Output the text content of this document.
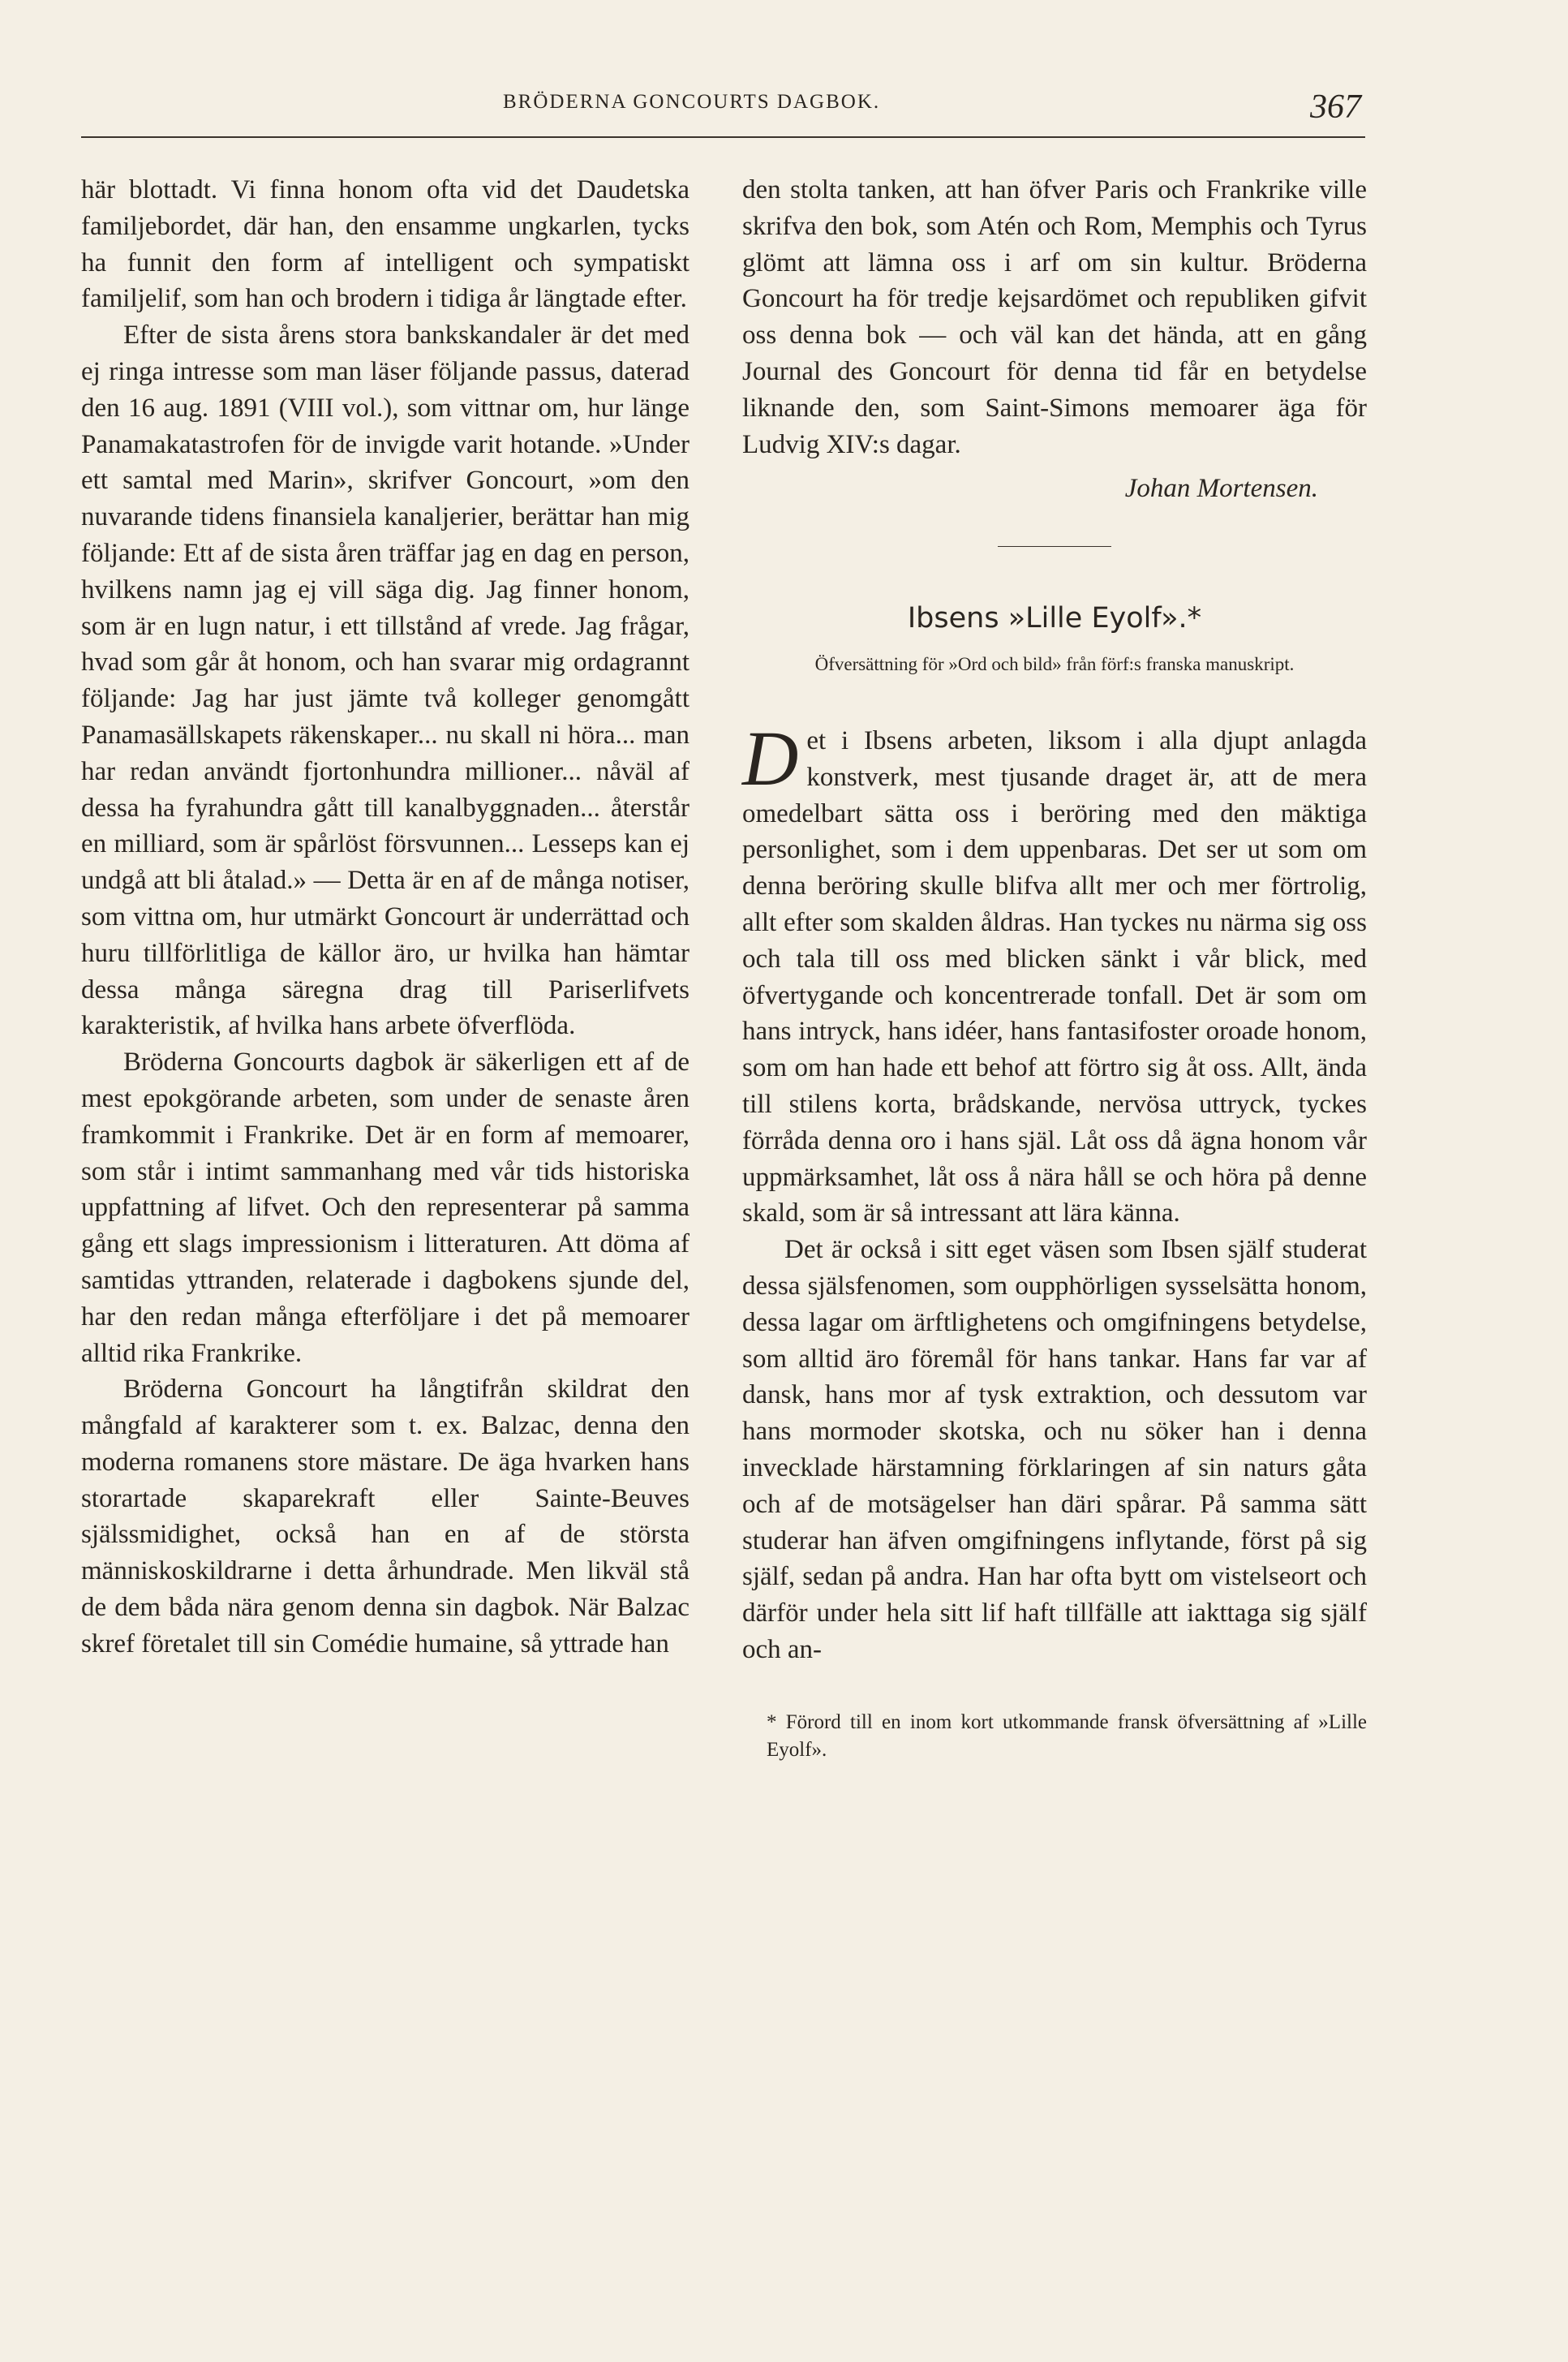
BRÖDERNA GONCOURTS DAGBOK.	367

här blottadt. Vi finna honom ofta vid det Daudetska familjebordet, där han, den ensamme ungkarlen, tycks ha funnit den form af intelligent och sympatiskt familjelif, som han och brodern i tidiga år längtade efter.

Efter de sista årens stora bankskandaler är det med ej ringa intresse som man läser följande passus, daterad den 16 aug. 1891 (VIII vol.), som vittnar om, hur länge Panamakatastrofen för de invigde varit hotande. »Under ett samtal med Marin», skrifver Goncourt, »om den nuvarande tidens finansiela kanaljerier, berättar han mig följande: Ett af de sista åren träffar jag en dag en person, hvilkens namn jag ej vill säga dig. Jag finner honom, som är en lugn natur, i ett tillstånd af vrede. Jag frågar, hvad som går åt honom, och han svarar mig ordagrannt följande: Jag har just jämte två kolleger genomgått Panamasällskapets räkenskaper... nu skall ni höra... man har redan användt fjortonhundra millioner... nåväl af dessa ha fyrahundra gått till kanalbyggnaden... återstår en milliard, som är spårlöst försvunnen... Lesseps kan ej undgå att bli åtalad.» — Detta är en af de många notiser, som vittna om, hur utmärkt Goncourt är underrättad och huru tillförlitliga de källor äro, ur hvilka han hämtar dessa många säregna drag till Pariserlifvets karakteristik, af hvilka hans arbete öfverflöda.

Bröderna Goncourts dagbok är säkerligen ett af de mest epokgörande arbeten, som under de senaste åren framkommit i Frankrike. Det är en form af memoarer, som står i intimt sammanhang med vår tids historiska uppfattning af lifvet. Och den representerar på samma gång ett slags impressionism i litteraturen. Att döma af samtidas yttranden, relaterade i dagbokens sjunde del, har den redan många efterföljare i det på memoarer alltid rika Frankrike.

Bröderna Goncourt ha långtifrån skildrat den mångfald af karakterer som t. ex. Balzac, denna den moderna romanens store mästare. De äga hvarken hans storartade skaparekraft eller Sainte-Beuves själssmidighet, också han en af de största människoskildrarne i detta århundrade. Men likväl stå de dem båda nära genom denna sin dagbok. När Balzac skref företalet till sin Comédie humaine, så yttrade han

den stolta tanken, att han öfver Paris och Frankrike ville skrifva den bok, som Atén och Rom, Memphis och Tyrus glömt att lämna oss i arf om sin kultur. Bröderna Goncourt ha för tredje kejsardömet och republiken gifvit oss denna bok — och väl kan det hända, att en gång Journal des Goncourt för denna tid får en betydelse liknande den, som Saint-Simons memoarer äga för Ludvig XIV:s dagar.

Johan Mortensen.
Ibsens »Lille Eyolf».*
Öfversättning för »Ord och bild» från förf:s franska manuskript.

Det i Ibsens arbeten, liksom i alla djupt anlagda konstverk, mest tjusande draget är, att de mera omedelbart sätta oss i beröring med den mäktiga personlighet, som i dem uppenbaras. Det ser ut som om denna beröring skulle blifva allt mer och mer förtrolig, allt efter som skalden åldras. Han tyckes nu närma sig oss och tala till oss med blicken sänkt i vår blick, med öfvertygande och koncentrerade tonfall. Det är som om hans intryck, hans idéer, hans fantasifoster oroade honom, som om han hade ett behof att förtro sig åt oss. Allt, ända till stilens korta, brådskande, nervösa uttryck, tyckes förråda denna oro i hans själ. Låt oss då ägna honom vår uppmärksamhet, låt oss å nära håll se och höra på denne skald, som är så intressant att lära känna.

Det är också i sitt eget väsen som Ibsen själf studerat dessa själsfenomen, som oupphörligen sysselsätta honom, dessa lagar om ärftlighetens och omgifningens betydelse, som alltid äro föremål för hans tankar. Hans far var af dansk, hans mor af tysk extraktion, och dessutom var hans mormoder skotska, och nu söker han i denna invecklade härstamning förklaringen af sin naturs gåta och af de motsägelser han däri spårar. På samma sätt studerar han äfven omgifningens inflytande, först på sig själf, sedan på andra. Han har ofta bytt om vistelseort och därför under hela sitt lif haft tillfälle att iakttaga sig själf och an-

* Förord till en inom kort utkommande fransk öfversättning af »Lille Eyolf».
